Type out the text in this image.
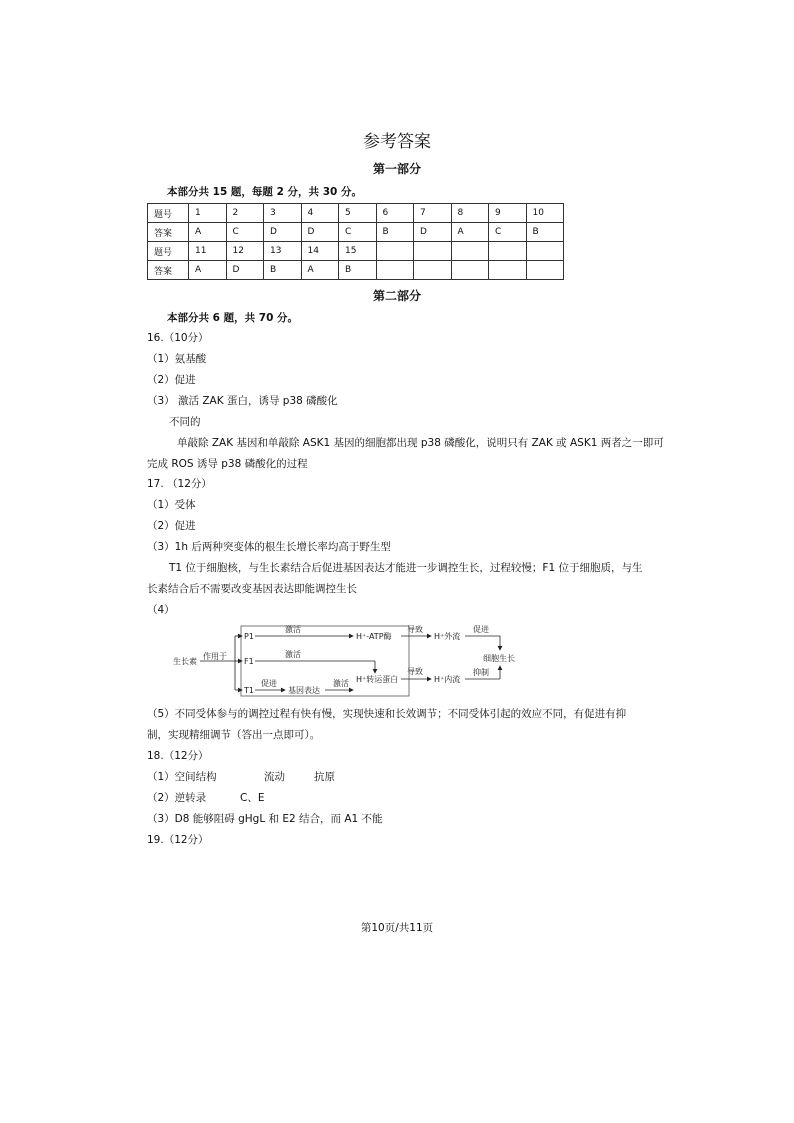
参考答案
第一部分
本部分共 15 题，每题 2 分，共 30 分。
题号	1	2	3	4	5	6	7	8	9	10
答案	A	C	D	D	C	B	D	A	C	B
题号	11	12	13	14	15					
答案	A	D	B	A	B					
第二部分
本部分共 6 题，共 70 分。
16.（10分）
（1）氨基酸
（2）促进
（3） 激活 ZAK 蛋白，诱导 p38 磷酸化
不同的
单敲除 ZAK 基因和单敲除 ASK1 基因的细胞都出现 p38 磷酸化，说明只有 ZAK 或 ASK1 两者之一即可
完成 ROS 诱导 p38 磷酸化的过程
17. （12分）
（1）受体
（2）促进
（3）1h 后两种突变体的根生长增长率均高于野生型
T1 位于细胞核，与生长素结合后促进基因表达才能进一步调控生长，过程较慢；F1 位于细胞质，与生
长素结合后不需要改变基因表达即能调控生长
（4）
生长素
作用于
P1
F1
T1
激活
H⁺-ATP酶
激活
促进
基因表达
激活 H⁺转运蛋白
导致
H⁺外流
导致
H⁺内流
促进
细胞生长
抑制
（5）不同受体参与的调控过程有快有慢，实现快速和长效调节；不同受体引起的效应不同，有促进有抑
制，实现精细调节（答出一点即可）。
18.（12分）
（1）空间结构	流动	抗原
（2）逆转录	C、E
（3）D8 能够阻碍 gHgL 和 E2 结合，而 A1 不能
19.（12分）
第10页/共11页
